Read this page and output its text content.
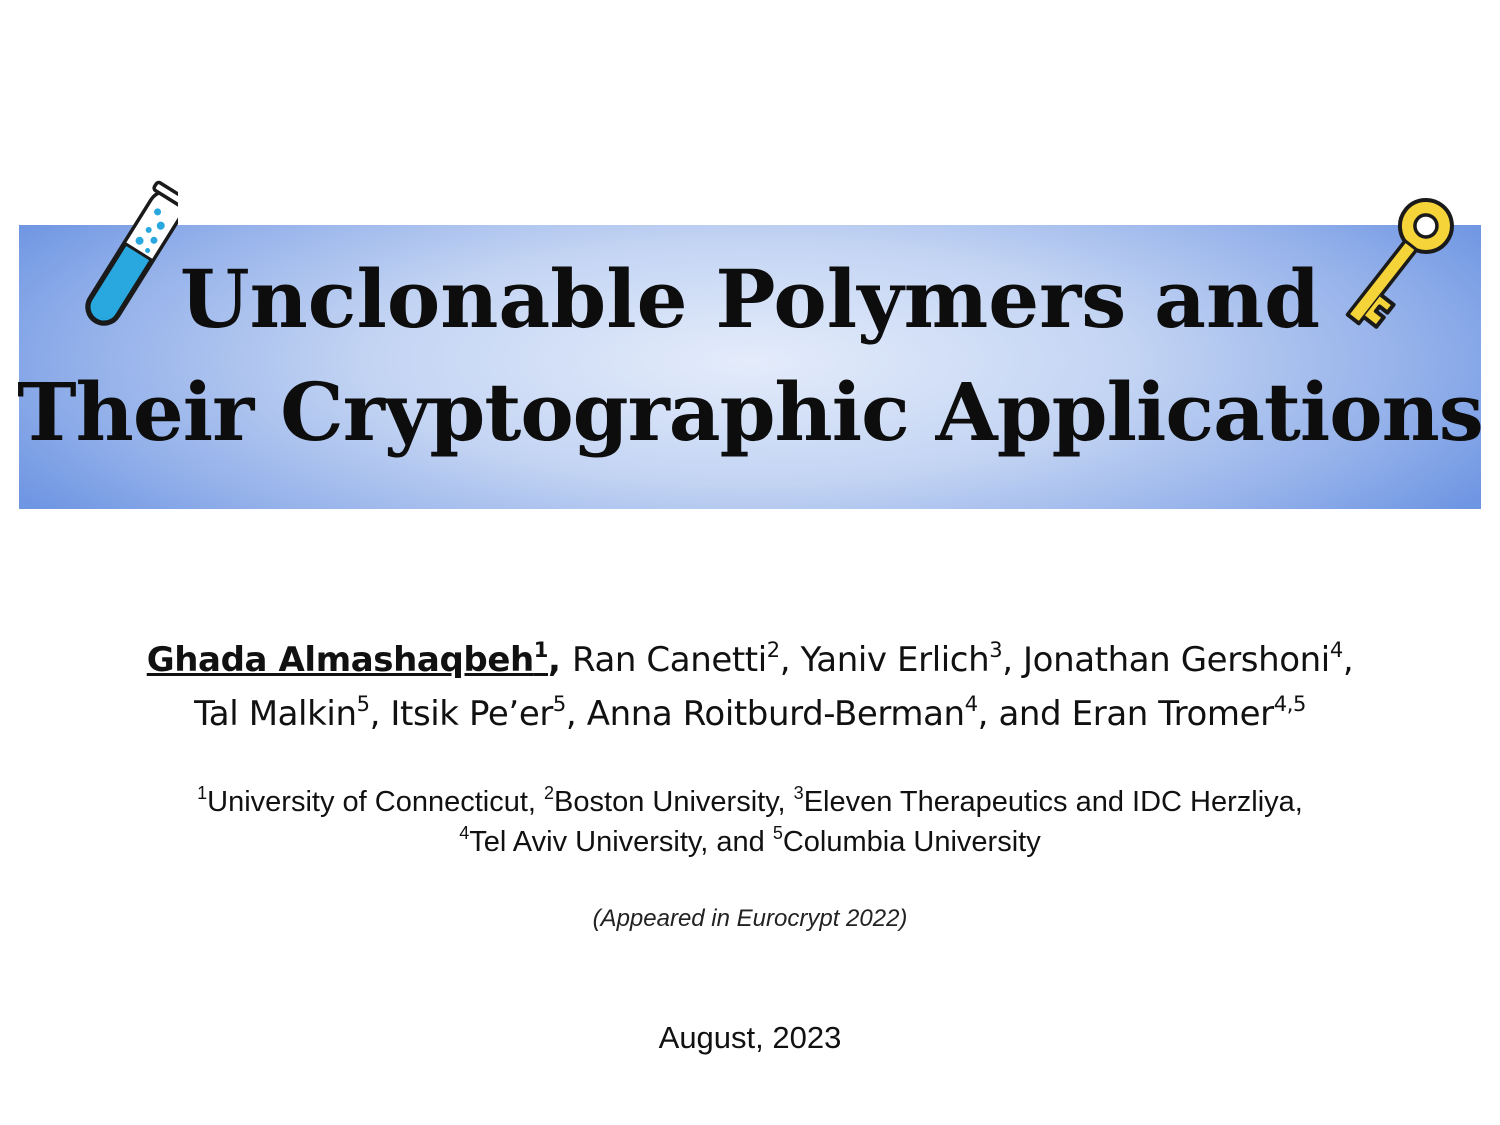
Unclonable Polymers and
Their Cryptographic Applications
Ghada Almashaqbeh$^1$, Ran Canetti$^2$, Yaniv Erlich$^3$, Jonathan Gershoni$^4$,
Tal Malkin$^5$, Itsik $Pe’er^5$, Anna Roitburd-Berman$^4$, and Eran Tromer$^{4,5}$
$^1$University of Connecticut, $^2$Boston University, $^3$Eleven Therapeutics and IDC Herzliya,
$^4$Tel Aviv University, and $^5$Columbia University
(Appeared in Eurocrypt 2022)
August, 2023
